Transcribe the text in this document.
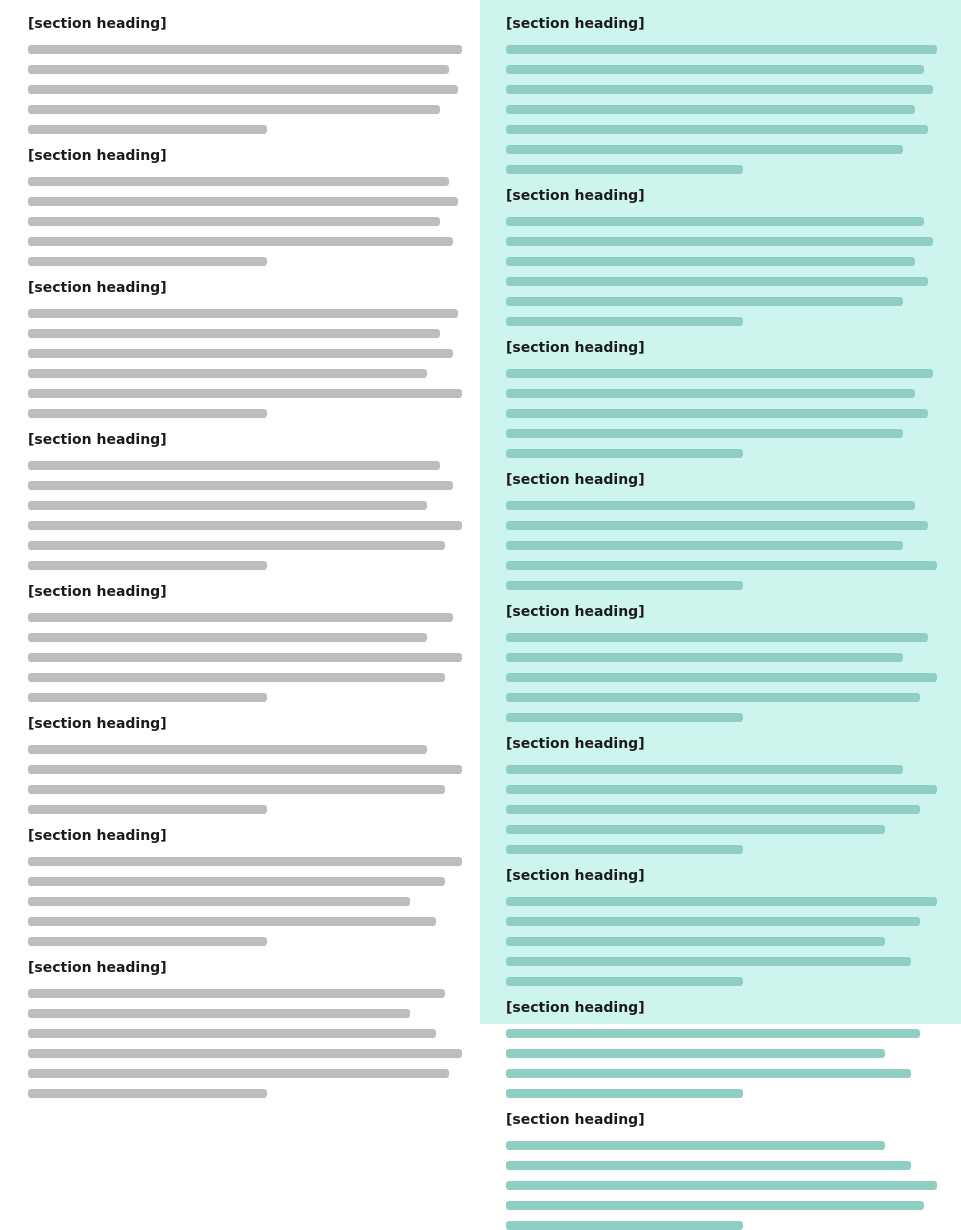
[section heading]
[section heading]
[section heading]
[section heading]
[section heading]
[section heading]
[section heading]
[section heading]
[section heading]
[section heading]
[section heading]
[section heading]
[section heading]
[section heading]
[section heading]
[section heading]
[section heading]
